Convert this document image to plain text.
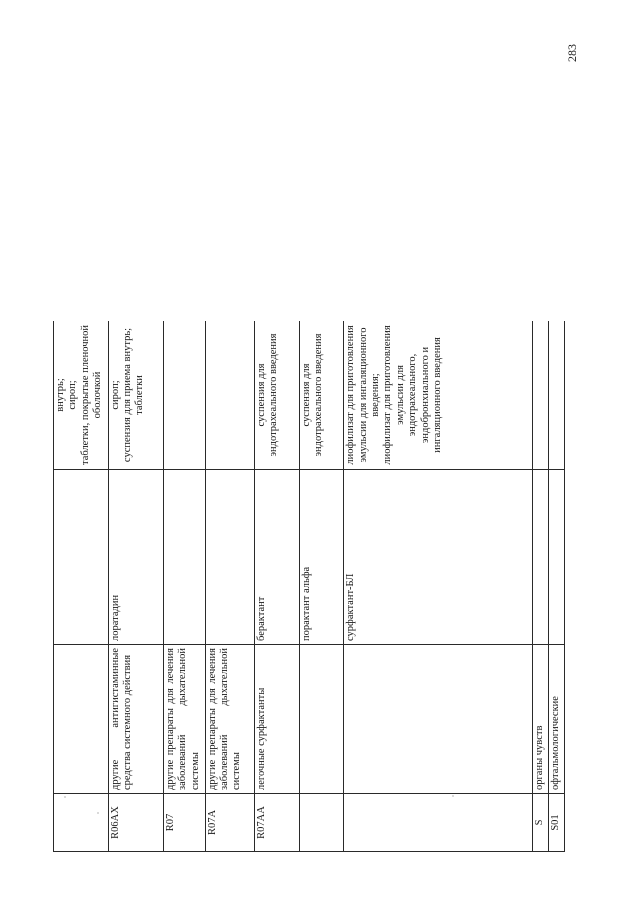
283
			внутрь;
сироп;
таблетки, покрытые пленочной оболочкой
R06AX	другие антигистаминные средства системного действия	лоратадин	сироп;
суспензия для приема внутрь;
таблетки
R07	другие препараты для лечения заболеваний дыхательной системы		
R07A	другие препараты для лечения заболеваний дыхательной системы		
R07AA	легочные сурфактанты	берактант	суспензия для эндотрахеального введения
		порактант альфа	суспензия для эндотрахеального введения
		сурфактант-БЛ	лиофилизат для приготовления эмульсии для ингаляционного введения;
лиофилизат для приготовления эмульсии для эндотрахеального, эндобронхиального и ингаляционного введения
S	органы чувств		
S01	офтальмологические		
